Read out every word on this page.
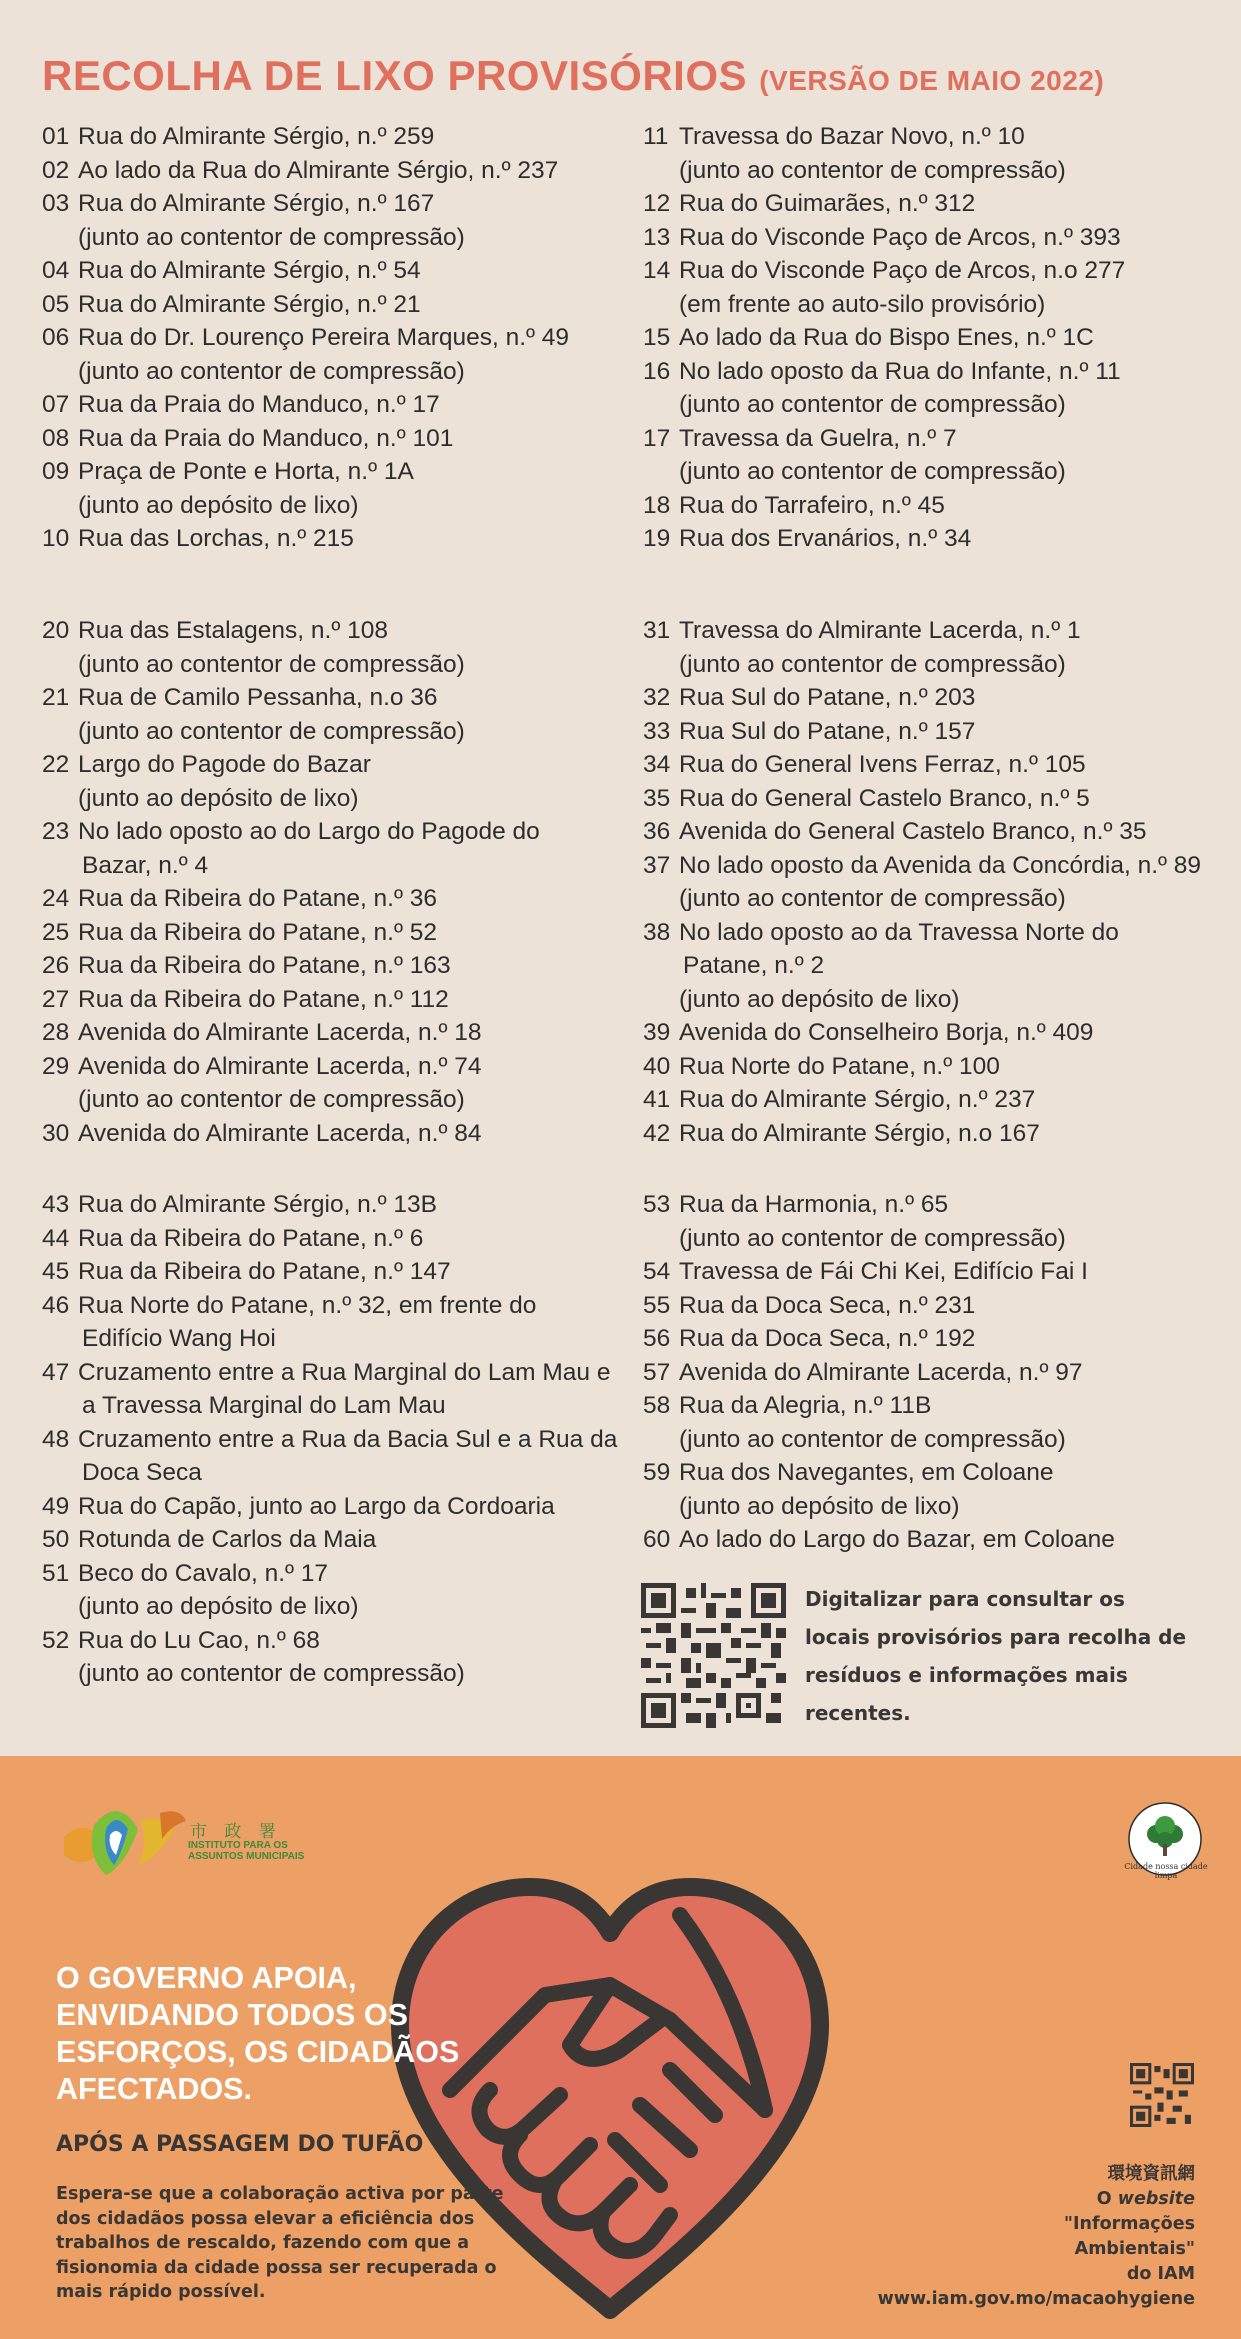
RECOLHA DE LIXO PROVISÓRIOS (VERSÃO DE MAIO 2022)
01 Rua do Almirante Sérgio, n.º 259
02 Ao lado da Rua do Almirante Sérgio, n.º 237
03 Rua do Almirante Sérgio, n.º 167
(junto ao contentor de compressão)
04 Rua do Almirante Sérgio, n.º 54
05 Rua do Almirante Sérgio, n.º 21
06 Rua do Dr. Lourenço Pereira Marques, n.º 49
(junto ao contentor de compressão)
07 Rua da Praia do Manduco, n.º 17
08 Rua da Praia do Manduco, n.º 101
09 Praça de Ponte e Horta, n.º 1A
(junto ao depósito de lixo)
10 Rua das Lorchas, n.º 215
11 Travessa do Bazar Novo, n.º 10
(junto ao contentor de compressão)
12 Rua do Guimarães, n.º 312
13 Rua do Visconde Paço de Arcos, n.º 393
14 Rua do Visconde Paço de Arcos, n.o 277
(em frente ao auto-silo provisório)
15 Ao lado da Rua do Bispo Enes, n.º 1C
16 No lado oposto da Rua do Infante, n.º 11
(junto ao contentor de compressão)
17 Travessa da Guelra, n.º 7
(junto ao contentor de compressão)
18 Rua do Tarrafeiro, n.º 45
19 Rua dos Ervanários, n.º 34
20 Rua das Estalagens, n.º 108
(junto ao contentor de compressão)
21 Rua de Camilo Pessanha, n.o 36
(junto ao contentor de compressão)
22 Largo do Pagode do Bazar
(junto ao depósito de lixo)
23 No lado oposto ao do Largo do Pagode do
Bazar, n.º 4
24 Rua da Ribeira do Patane, n.º 36
25 Rua da Ribeira do Patane, n.º 52
26 Rua da Ribeira do Patane, n.º 163
27 Rua da Ribeira do Patane, n.º 112
28 Avenida do Almirante Lacerda, n.º 18
29 Avenida do Almirante Lacerda, n.º 74
(junto ao contentor de compressão)
30 Avenida do Almirante Lacerda, n.º 84
31 Travessa do Almirante Lacerda, n.º 1
(junto ao contentor de compressão)
32 Rua Sul do Patane, n.º 203
33 Rua Sul do Patane, n.º 157
34 Rua do General Ivens Ferraz, n.º 105
35 Rua do General Castelo Branco, n.º 5
36 Avenida do General Castelo Branco, n.º 35
37 No lado oposto da Avenida da Concórdia, n.º 89
(junto ao contentor de compressão)
38 No lado oposto ao da Travessa Norte do
Patane, n.º 2
(junto ao depósito de lixo)
39 Avenida do Conselheiro Borja, n.º 409
40 Rua Norte do Patane, n.º 100
41 Rua do Almirante Sérgio, n.º 237
42 Rua do Almirante Sérgio, n.o 167
43 Rua do Almirante Sérgio, n.º 13B
44 Rua da Ribeira do Patane, n.º 6
45 Rua da Ribeira do Patane, n.º 147
46 Rua Norte do Patane, n.º 32, em frente do
Edifício Wang Hoi
47 Cruzamento entre a Rua Marginal do Lam Mau e
a Travessa Marginal do Lam Mau
48 Cruzamento entre a Rua da Bacia Sul e a Rua da
Doca Seca
49 Rua do Capão, junto ao Largo da Cordoaria
50 Rotunda de Carlos da Maia
51 Beco do Cavalo, n.º 17
(junto ao depósito de lixo)
52 Rua do Lu Cao, n.º 68
(junto ao contentor de compressão)
53 Rua da Harmonia, n.º 65
(junto ao contentor de compressão)
54 Travessa de Fái Chi Kei, Edifício Fai I
55 Rua da Doca Seca, n.º 231
56 Rua da Doca Seca, n.º 192
57 Avenida do Almirante Lacerda, n.º 97
58 Rua da Alegria, n.º 11B
(junto ao contentor de compressão)
59 Rua dos Navegantes, em Coloane
(junto ao depósito de lixo)
60 Ao lado do Largo do Bazar, em Coloane
Digitalizar para consultar os locais provisórios para recolha de resíduos e informações mais recentes.
市 政 署
INSTITUTO PARA OS
ASSUNTOS MUNICIPAIS
Cidade nossa cidade limpa
O GOVERNO APOIA, ENVIDANDO TODOS OS ESFORÇOS, OS CIDADÃOS AFECTADOS.
APÓS A PASSAGEM DO TUFÃO
Espera-se que a colaboração activa por parte dos cidadãos possa elevar a eficiência dos trabalhos de rescaldo, fazendo com que a fisionomia da cidade possa ser recuperada o mais rápido possível.
環境資訊網
O website
"Informações
Ambientais"
do IAM
www.iam.gov.mo/macaohygiene
